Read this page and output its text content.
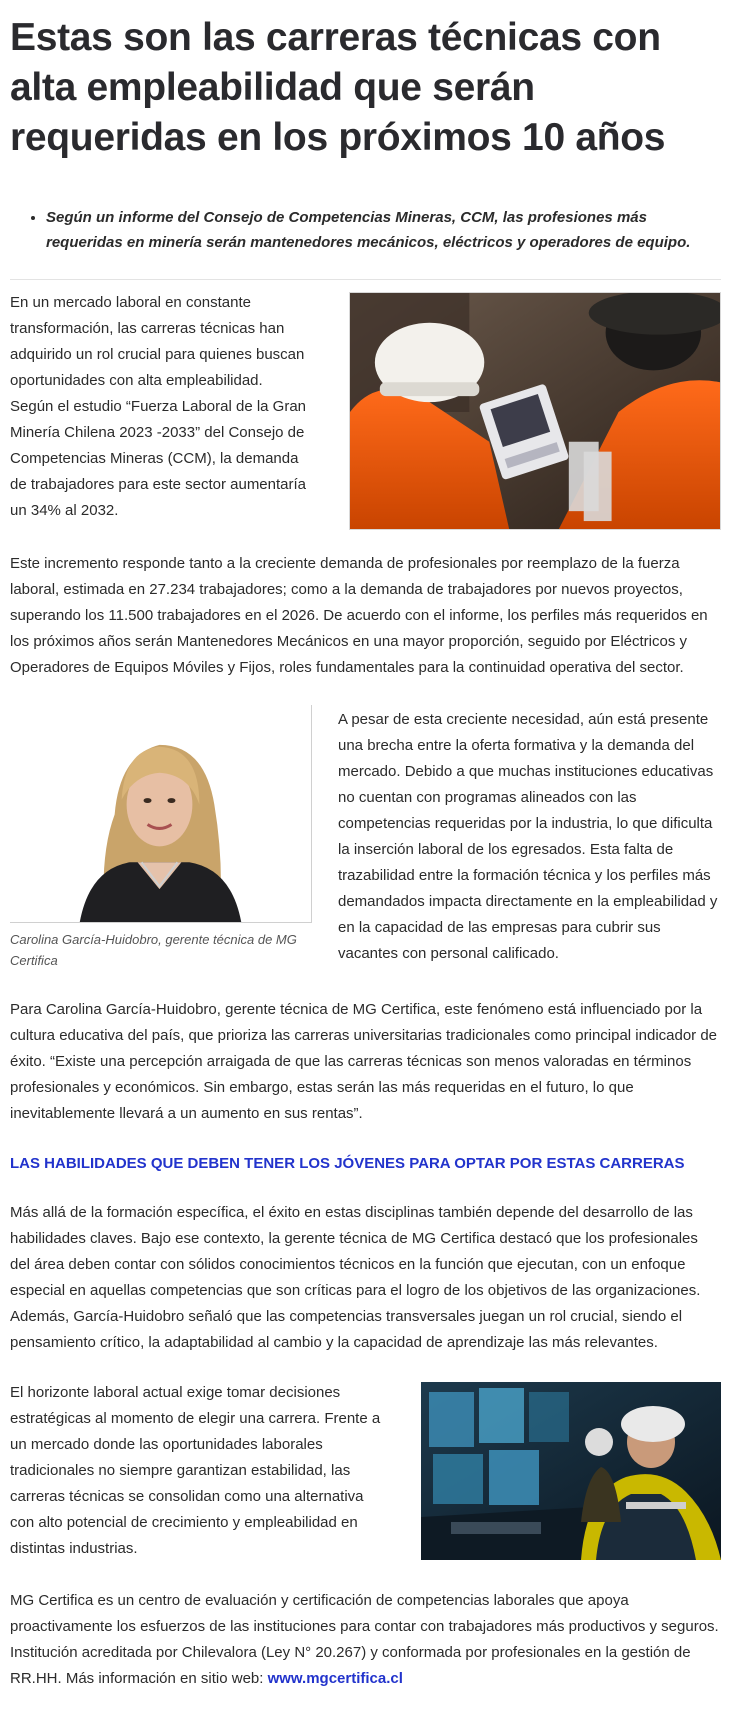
Estas son las carreras técnicas con alta empleabilidad que serán requeridas en los próximos 10 años
• Según un informe del Consejo de Competencias Mineras, CCM, las profesiones más requeridas en minería serán mantenedores mecánicos, eléctricos y operadores de equipo.

En un mercado laboral en constante transformación, las carreras técnicas han adquirido un rol crucial para quienes buscan oportunidades con alta empleabilidad. Según el estudio “Fuerza Laboral de la Gran Minería Chilena 2023 -2033” del Consejo de Competencias Mineras (CCM), la demanda de trabajadores para este sector aumentaría un 34% al 2032.

Este incremento responde tanto a la creciente demanda de profesionales por reemplazo de la fuerza laboral, estimada en 27.234 trabajadores; como a la demanda de trabajadores por nuevos proyectos, superando los 11.500 trabajadores en el 2026. De acuerdo con el informe, los perfiles más requeridos en los próximos años serán Mantenedores Mecánicos en una mayor proporción, seguido por Eléctricos y Operadores de Equipos Móviles y Fijos, roles fundamentales para la continuidad operativa del sector.

Carolina García-Huidobro, gerente técnica de MG Certifica

A pesar de esta creciente necesidad, aún está presente una brecha entre la oferta formativa y la demanda del mercado. Debido a que muchas instituciones educativas no cuentan con programas alineados con las competencias requeridas por la industria, lo que dificulta la inserción laboral de los egresados. Esta falta de trazabilidad entre la formación técnica y los perfiles más demandados impacta directamente en la empleabilidad y en la capacidad de las empresas para cubrir sus vacantes con personal calificado.

Para Carolina García-Huidobro, gerente técnica de MG Certifica, este fenómeno está influenciado por la cultura educativa del país, que prioriza las carreras universitarias tradicionales como principal indicador de éxito. “Existe una percepción arraigada de que las carreras técnicas son menos valoradas en términos profesionales y económicos. Sin embargo, estas serán las más requeridas en el futuro, lo que inevitablemente llevará a un aumento en sus rentas”.

LAS HABILIDADES QUE DEBEN TENER LOS JÓVENES PARA OPTAR POR ESTAS CARRERAS

Más allá de la formación específica, el éxito en estas disciplinas también depende del desarrollo de las habilidades claves. Bajo ese contexto, la gerente técnica de MG Certifica destacó que los profesionales del área deben contar con sólidos conocimientos técnicos en la función que ejecutan, con un enfoque especial en aquellas competencias que son críticas para el logro de los objetivos de las organizaciones. Además, García-Huidobro señaló que las competencias transversales juegan un rol crucial, siendo el pensamiento crítico, la adaptabilidad al cambio y la capacidad de aprendizaje las más relevantes.

El horizonte laboral actual exige tomar decisiones estratégicas al momento de elegir una carrera. Frente a un mercado donde las oportunidades laborales tradicionales no siempre garantizan estabilidad, las carreras técnicas se consolidan como una alternativa con alto potencial de crecimiento y empleabilidad en distintas industrias.

MG Certifica es un centro de evaluación y certificación de competencias laborales que apoya proactivamente los esfuerzos de las instituciones para contar con trabajadores más productivos y seguros. Institución acreditada por Chilevalora (Ley N° 20.267) y conformada por profesionales en la gestión de RR.HH. Más información en sitio web: www.mgcertifica.cl
